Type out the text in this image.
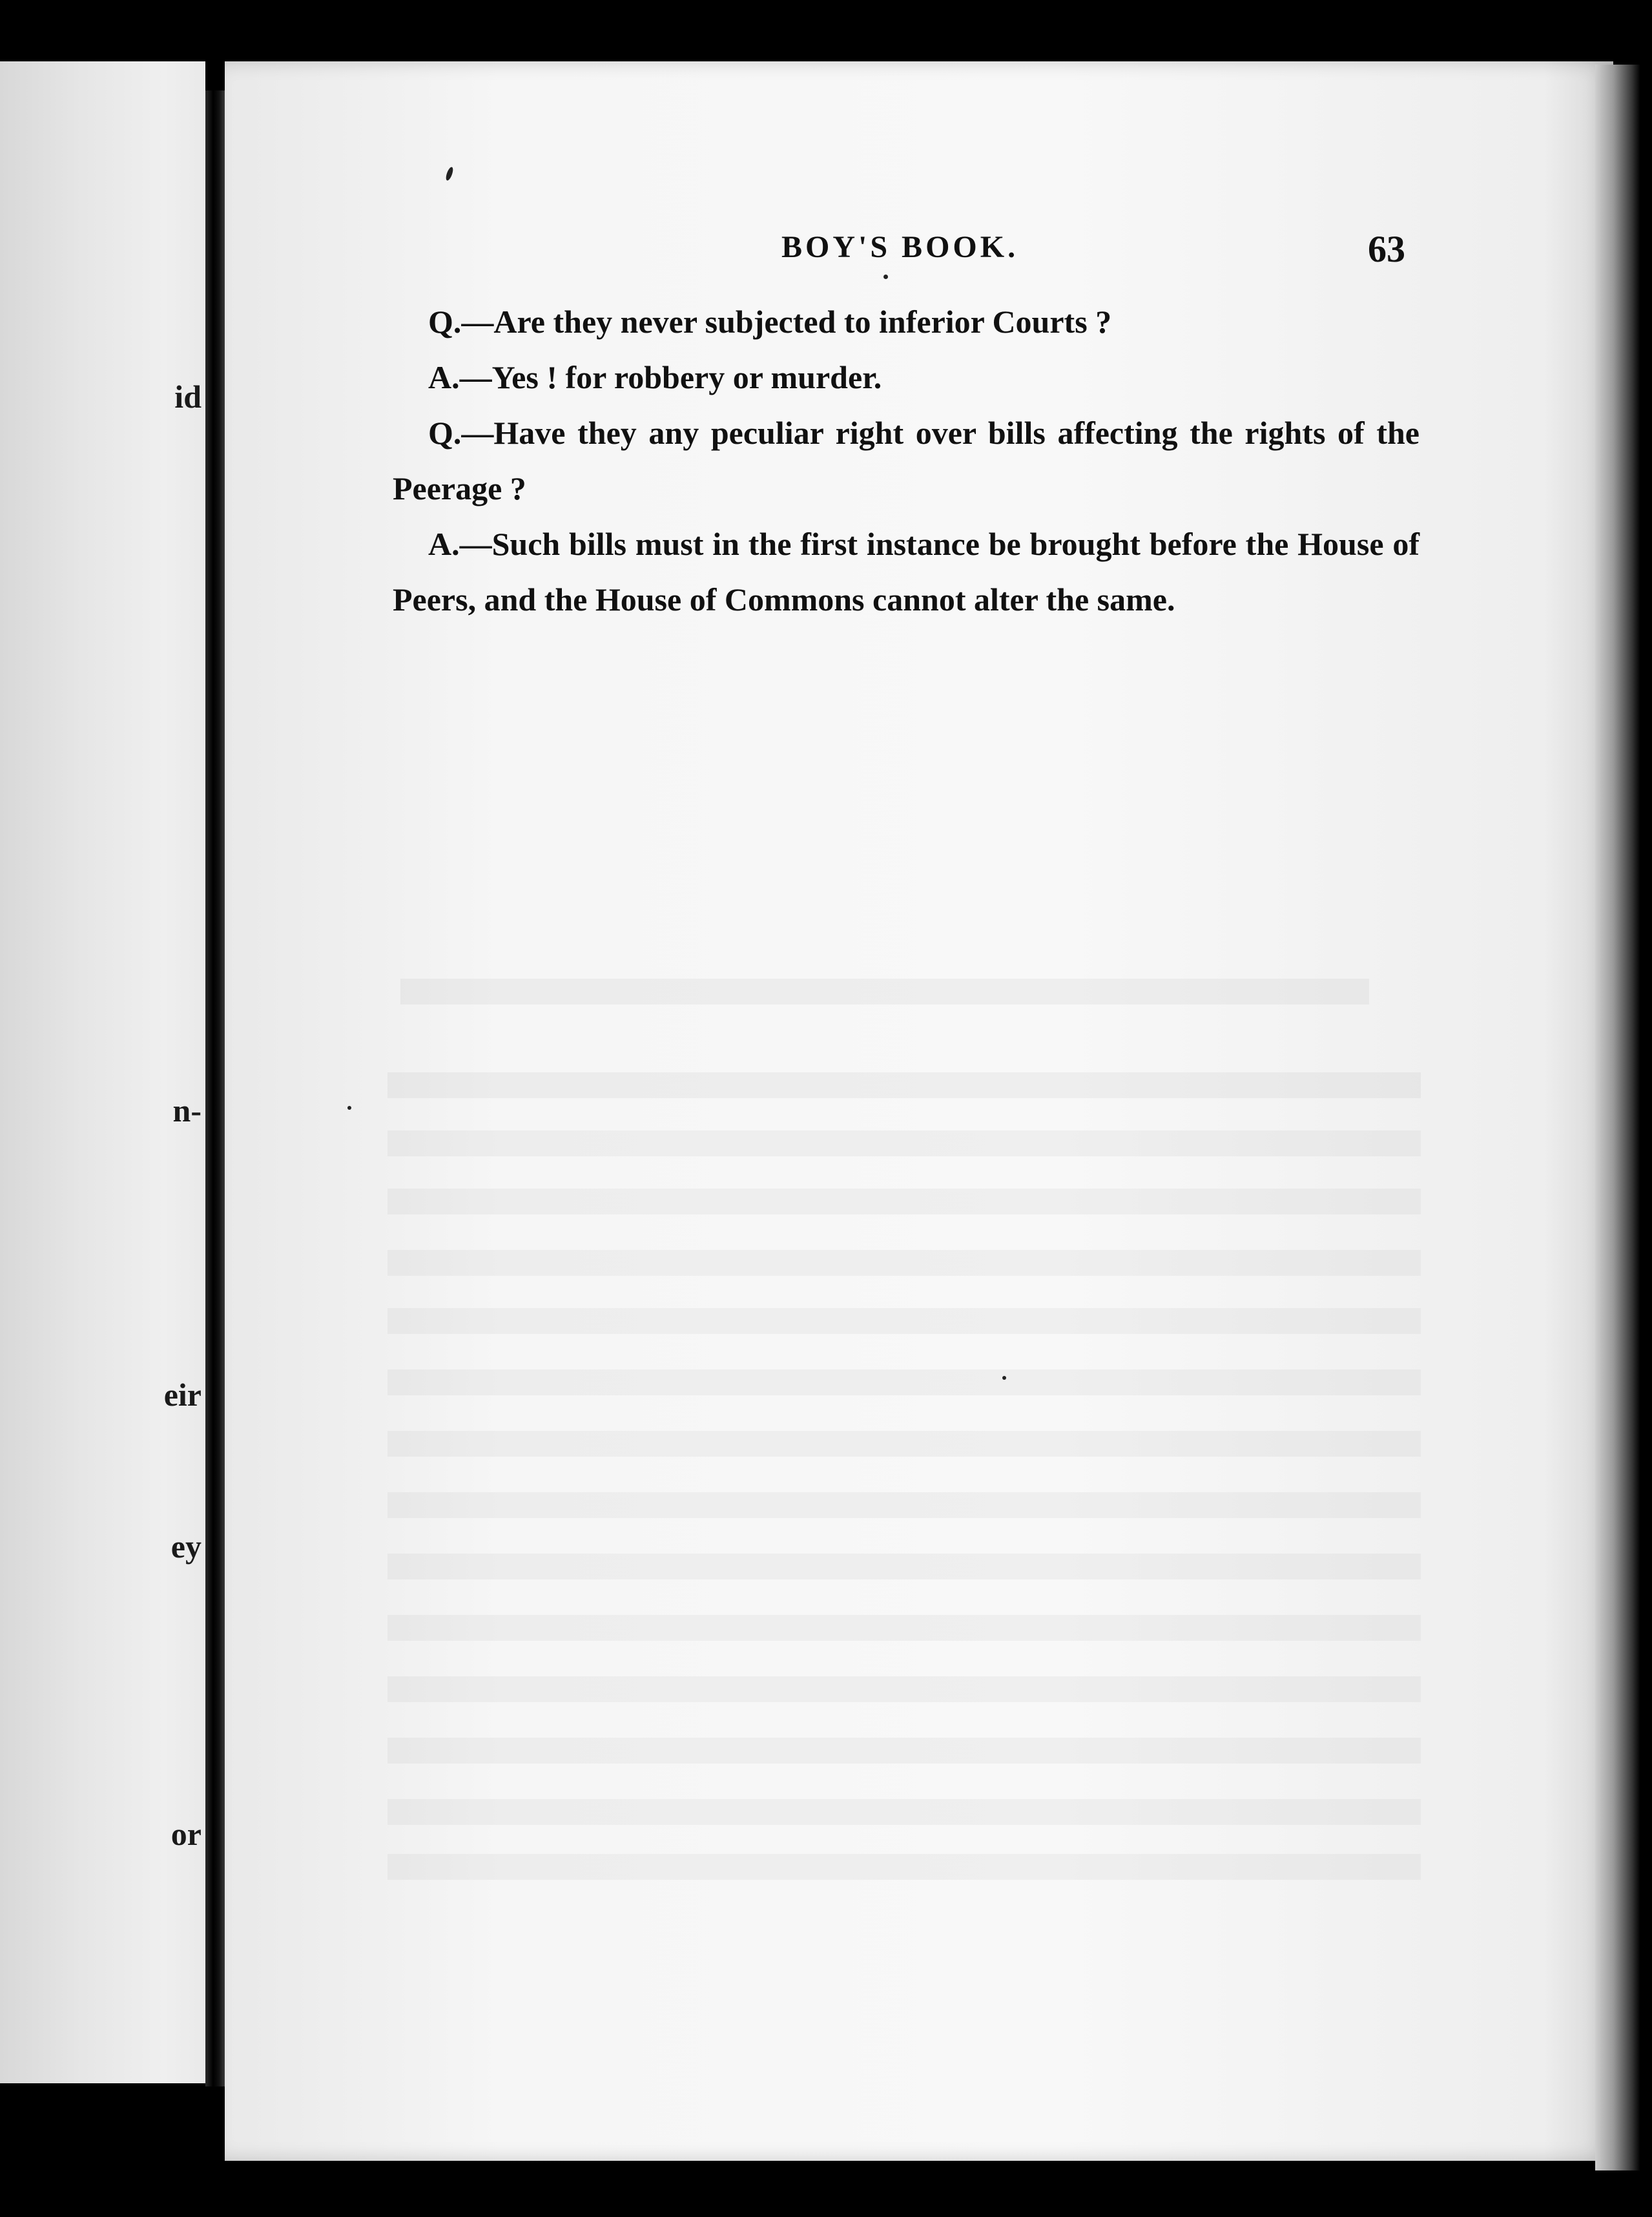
id
n-
eir
ey
or
BOY'S BOOK.	63

Q.—Are they never subjected to inferior Courts ?

A.—Yes ! for robbery or murder.

Q.—Have they any peculiar right over bills affecting the rights of the Peerage ?

A.—Such bills must in the first instance be brought before the House of Peers, and the House of Commons cannot alter the same.
